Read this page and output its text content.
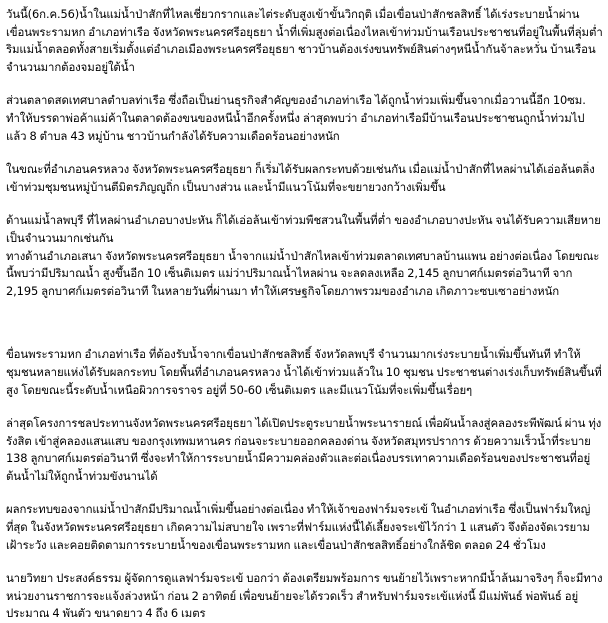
วันนี้(6ก.ค.56)น้ำในแม่น้ำป่าสักที่ไหลเชี่ยวกรากและไต่ระดับสูงเข้าขั้นวิกฤติ เมื่อเขื่อนป่าสักชลสิทธิ์ ได้เร่งระบายน้ำผ่านเขื่อนพระรามหก อำเภอท่าเรือ จังหวัดพระนครศรีอยุธยา น้ำที่เพิ่มสูงต่อเนื่องไหลเข้าท่วมบ้านเรือนประชาชนที่อยู่ในพื้นที่ลุ่มต่ำริมแม่น้ำตลอดทั้งสายเริ่มตั้งแต่อำเภอเมืองพระนครศรีอยุธยา ชาวบ้านต้องเร่งขนทรัพย์สินต่างๆหนีน้ำกันจ้าละหวั่น บ้านเรือนจำนวนมากต้องจมอยู่ใต้น้ำ

ส่วนตลาดสดเทศบาลตำบลท่าเรือ ซึ่งถือเป็นย่านธุรกิจสำคัญของอำเภอท่าเรือ ได้ถูกน้ำท่วมเพิ่มขึ้นจากเมื่อวานนี้อีก 10ซม. ทำให้บรรดาพ่อค้าแม่ค้าในตลาดต้องขนของหนีน้ำอีกครั้งหนึ่ง ล่าสุดพบว่า อำเภอท่าเรือมีบ้านเรือนประชาชนถูกน้ำท่วมไปแล้ว 8 ตำบล 43 หมู่บ้าน ชาวบ้านกำลังได้รับความเดือดร้อนอย่างหนัก

ในขณะที่อำเภอนครหลวง จังหวัดพระนครศรีอยุธยา ก็เริ่มได้รับผลกระทบด้วยเช่นกัน เมื่อแม่น้ำป่าสักที่ไหลผ่านได้เอ่อล้นตลิ่ง เข้าท่วมชุมชนหมู่บ้านตีมิตรภิญญูถิ่ก เป็นบางส่วน และน้ำมีแนวโน้มที่จะขยายวงกว้างเพิ่มขึ้น

ด้านแม่น้ำลพบุรี ที่ไหลผ่านอำเภอบางปะหัน ก็ได้เอ่อล้นเข้าท่วมพืชสวนในพื้นที่ต่ำ ของอำเภอบางปะหัน จนได้รับความเสียหายเป็นจำนวนมากเช่นกัน

ทางด้านอำเภอเสนา จังหวัดพระนครศรีอยุธยา น้ำจากแม่น้ำป่าสักไหลเข้าท่วมตลาดเทศบาลบ้านแพน อย่างต่อเนื่อง โดยขณะนี้พบว่ามีปริมาณน้ำ สูงขึ้นอีก 10 เซ็นติเมตร แม่ว่าปริมาณน้ำไหลผ่าน จะลดลงเหลือ 2,145 ลูกบาศก์เมตรต่อวินาที จาก 2,195 ลูกบาศก์เมตรต่อวินาที ในหลายวันที่ผ่านมา ทำให้เศรษฐกิจโดยภาพรวมของอำเภอ เกิดภาวะซบเซาอย่างหนัก

ขื่อนพระรามหก อำเภอท่าเรือ ที่ต้องรับน้ำจากเขื่อนป่าสักชลสิทธิ์ จังหวัดลพบุรี จำนวนมากเร่งระบายน้ำเพิ่มขึ้นทันที ทำให้ชุมชนหลายแห่งได้รับผลกระทบ โดยพื้นที่อำเภอนครหลวง น้ำได้เข้าท่วมแล้วใน 10 ชุมชน ประชาชนต่างเร่งเก็บทรัพย์สินขึ้นที่สูง โดยขณะนี้ระดับน้ำเหนือผิวการจราจร อยู่ที่ 50-60 เซ็นติเมตร และมีแนวโน้มที่จะเพิ่มขึ้นเรื่อยๆ

ล่าสุดโครงการชลประทานจังหวัดพระนครศรีอยุธยา ได้เปิดประตูระบายน้ำพระนารายณ์ เพื่อผันน้ำลงสู่คลองระพีพัฒน์ ผ่าน ทุ่งรังสิต เข้าสู่คลองแสนแสบ ของกรุงเทพมหานคร ก่อนจะระบายออกคลองด่าน จังหวัดสมุทรปราการ ด้วยความเร็วน้ำที่ระบาย 138 ลูกบาศก์เมตรต่อวินาที ซึ่งจะทำให้การระบายน้ำมีความคล่องตัวและต่อเนื่องบรรเทาความเดือดร้อนของประชาชนที่อยู่ต้นน้ำไม่ให้ถูกน้ำท่วมขังนานได้

ผลกระทบของจากแม่น้ำป่าสักมีปริมาณน้ำเพิ่มขึ้นอย่างต่อเนื่อง ทำให้เจ้าของฟาร์มจระเข้ ในอำเภอท่าเรือ ซึ่งเป็นฟาร์มใหญ่ที่สุด ในจังหวัดพระนครศรีอยุธยา เกิดความไม่สบายใจ เพราะที่ฟาร์มแห่งนี้ได้เลี้ยงจระเข้ไว้กว่า 1 แสนตัว จึงต้องจัดเวรยามเฝ้าระวัง และคอยติดตามการระบายน้ำของเขื่อนพระรามหก และเขื่อนป่าสักชลสิทธิ์อย่างใกล้ชิด ตลอด 24 ชั่วโมง

นายวิทยา ประสงค์ธรรม ผู้จัดการดูแลฟาร์มจระเข้ บอกว่า ต้องเตรียมพร้อมการ ขนย้ายไว้เพราะหากมีน้ำล้นมาจริงๆ ก็จะมีทางหน่วยงานราชการจะแจ้งล่วงหน้า ก่อน 2 อาทิตย์ เพื่อขนย้ายจะได้รวดเร็ว สำหรับฟาร์มจระเข้แห่งนี้ มีแม่พันธ์ พ่อพันธ์ อยู่ประมาณ 4 พันตัว ขนาดยาว 4 ถึง 6 เมตร
